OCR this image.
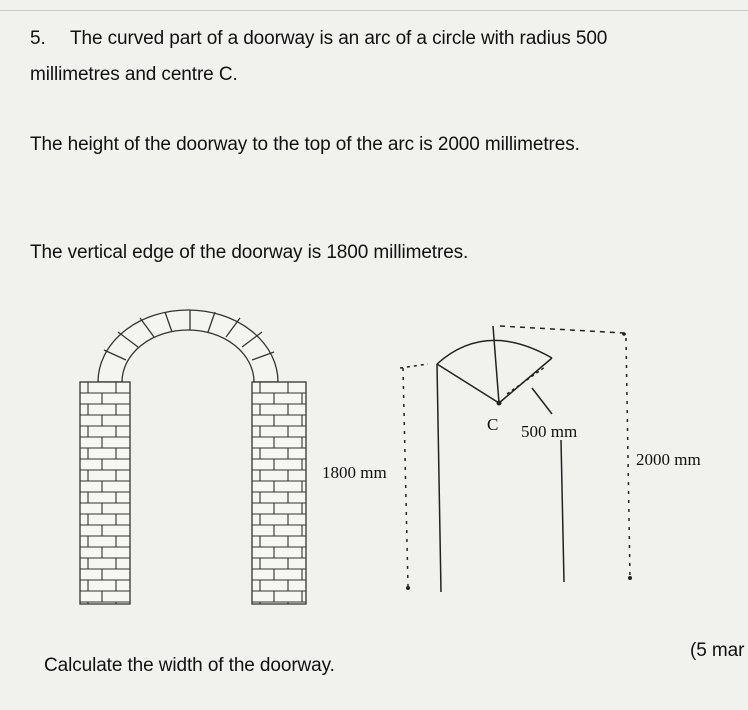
5. The curved part of a doorway is an arc of a circle with radius 500
millimetres and centre C.
The height of the doorway to the top of the arc is 2000 millimetres.
The vertical edge of the doorway is 1800 millimetres.
C 500 mm
1800 mm
2000 mm
Calculate the width of the doorway.
(5 mar
